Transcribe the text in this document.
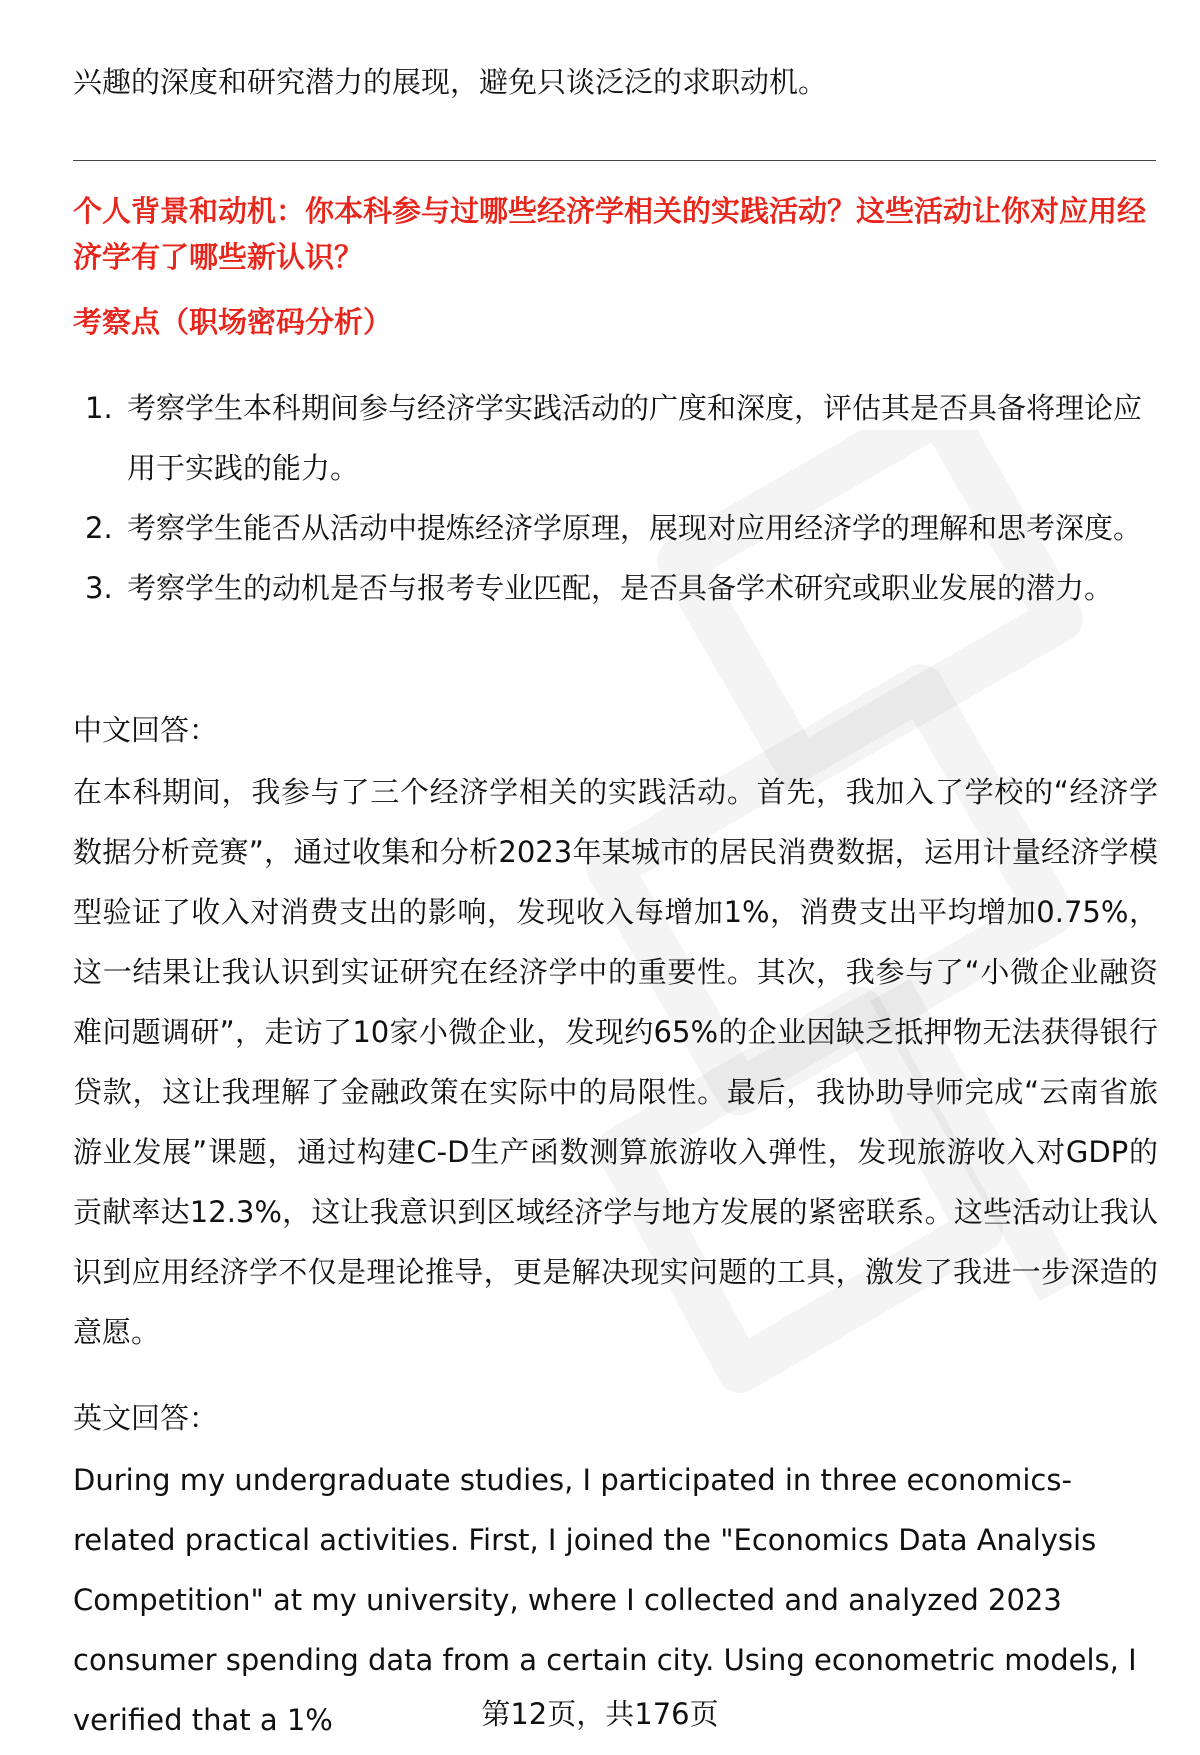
兴趣的深度和研究潜力的展现，避免只谈泛泛的求职动机。

个人背景和动机：你本科参与过哪些经济学相关的实践活动？这些活动让你对应用经济学有了哪些新认识？

考察点（职场密码分析）

1. 考察学生本科期间参与经济学实践活动的广度和深度，评估其是否具备将理论应用于实践的能力。
2. 考察学生能否从活动中提炼经济学原理，展现对应用经济学的理解和思考深度。
3. 考察学生的动机是否与报考专业匹配，是否具备学术研究或职业发展的潜力。

中文回答：

在本科期间，我参与了三个经济学相关的实践活动。首先，我加入了学校的“经济学数据分析竞赛”，通过收集和分析2023年某城市的居民消费数据，运用计量经济学模型验证了收入对消费支出的影响，发现收入每增加1%，消费支出平均增加0.75%，这一结果让我认识到实证研究在经济学中的重要性。其次，我参与了“小微企业融资难问题调研”，走访了10家小微企业，发现约65%的企业因缺乏抵押物无法获得银行贷款，这让我理解了金融政策在实际中的局限性。最后，我协助导师完成“云南省旅游业发展”课题，通过构建C-D生产函数测算旅游收入弹性，发现旅游收入对GDP的贡献率达12.3%，这让我意识到区域经济学与地方发展的紧密联系。这些活动让我认识到应用经济学不仅是理论推导，更是解决现实问题的工具，激发了我进一步深造的意愿。

英文回答：

During my undergraduate studies, I participated in three economics-related practical activities. First, I joined the "Economics Data Analysis Competition" at my university, where I collected and analyzed 2023 consumer spending data from a certain city. Using econometric models, I verified that a 1%	第12页，共176页
